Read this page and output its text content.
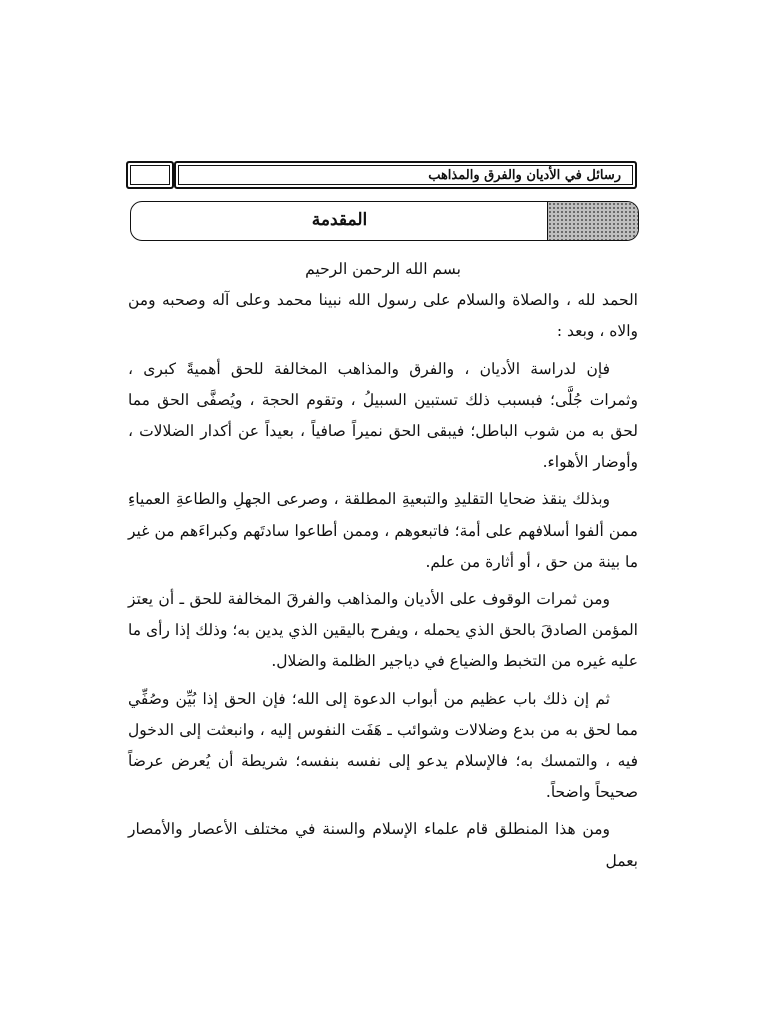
رسائل في الأديان والفرق والمذاهب
المقدمة

بسم الله الرحمن الرحيم

الحمد لله ، والصلاة والسلام على رسول الله نبينا محمد وعلى آله وصحبه ومن والاه ، وبعد :

فإن لدراسة الأديان ، والفرق والمذاهب المخالفة للحق أهميةً كبرى ، وثمرات جُلَّى؛ فبسبب ذلك تستبين السبيلُ ، وتقوم الحجة ، ويُصفَّى الحق مما لحق به من شوب الباطل؛ فيبقى الحق نميراً صافياً ، بعيداً عن أكدار الضلالات ، وأوضار الأهواء.

وبذلك ينقذ ضحايا التقليدِ والتبعيةِ المطلقة ، وصرعى الجهلِ والطاعةِ العمياءِ ممن ألفوا أسلافهم على أمة؛ فاتبعوهم ، وممن أطاعوا سادتَهم وكبراءَهم من غير ما بينة من حق ، أو أثارة من علم.

ومن ثمرات الوقوف على الأديان والمذاهب والفرقَ المخالفة للحق ـ أن يعتز المؤمن الصادقَ بالحق الذي يحمله ، ويفرح باليقين الذي يدين به؛ وذلك إذا رأى ما عليه غيره من التخبط والضياع في دياجير الظلمة والضلال.

ثم إن ذلك باب عظيم من أبواب الدعوة إلى الله؛ فإن الحق إذا بُيِّن وصُفِّي مما لحق به من بدع وضلالات وشوائب ـ هَفَت النفوس إليه ، وانبعثت إلى الدخول فيه ، والتمسك به؛ فالإسلام يدعو إلى نفسه بنفسه؛ شريطة أن يُعرض عرضاً صحيحاً واضحاً.

ومن هذا المنطلق قام علماء الإسلام والسنة في مختلف الأعصار والأمصار بعمل
